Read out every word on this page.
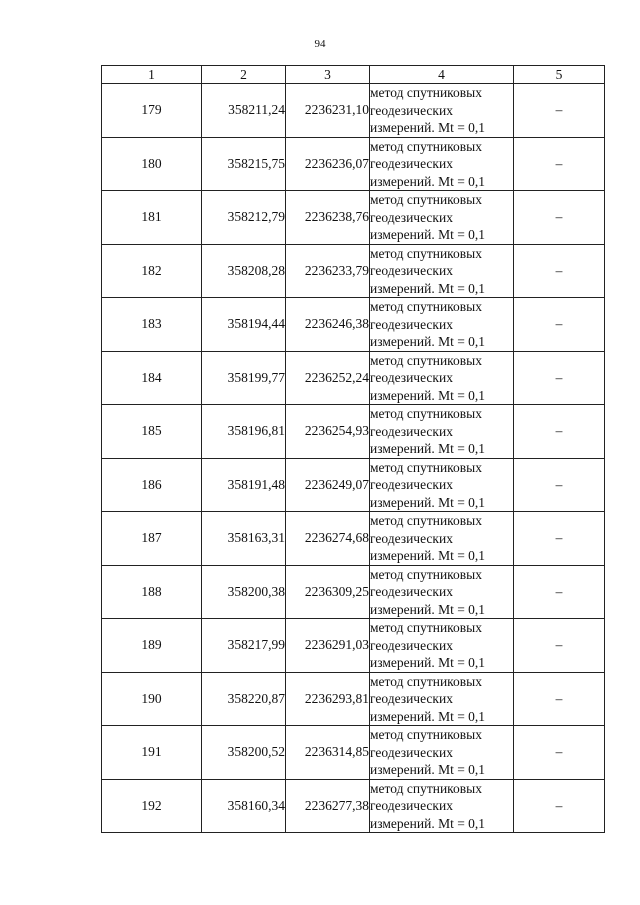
94
1	2	3	4	5
179	358211,24	2236231,10	метод спутниковых
геодезических
измерений. Mt = 0,1	–
180	358215,75	2236236,07	метод спутниковых
геодезических
измерений. Mt = 0,1	–
181	358212,79	2236238,76	метод спутниковых
геодезических
измерений. Mt = 0,1	–
182	358208,28	2236233,79	метод спутниковых
геодезических
измерений. Mt = 0,1	–
183	358194,44	2236246,38	метод спутниковых
геодезических
измерений. Mt = 0,1	–
184	358199,77	2236252,24	метод спутниковых
геодезических
измерений. Mt = 0,1	–
185	358196,81	2236254,93	метод спутниковых
геодезических
измерений. Mt = 0,1	–
186	358191,48	2236249,07	метод спутниковых
геодезических
измерений. Mt = 0,1	–
187	358163,31	2236274,68	метод спутниковых
геодезических
измерений. Mt = 0,1	–
188	358200,38	2236309,25	метод спутниковых
геодезических
измерений. Mt = 0,1	–
189	358217,99	2236291,03	метод спутниковых
геодезических
измерений. Mt = 0,1	–
190	358220,87	2236293,81	метод спутниковых
геодезических
измерений. Mt = 0,1	–
191	358200,52	2236314,85	метод спутниковых
геодезических
измерений. Mt = 0,1	–
192	358160,34	2236277,38	метод спутниковых
геодезических
измерений. Mt = 0,1	–
